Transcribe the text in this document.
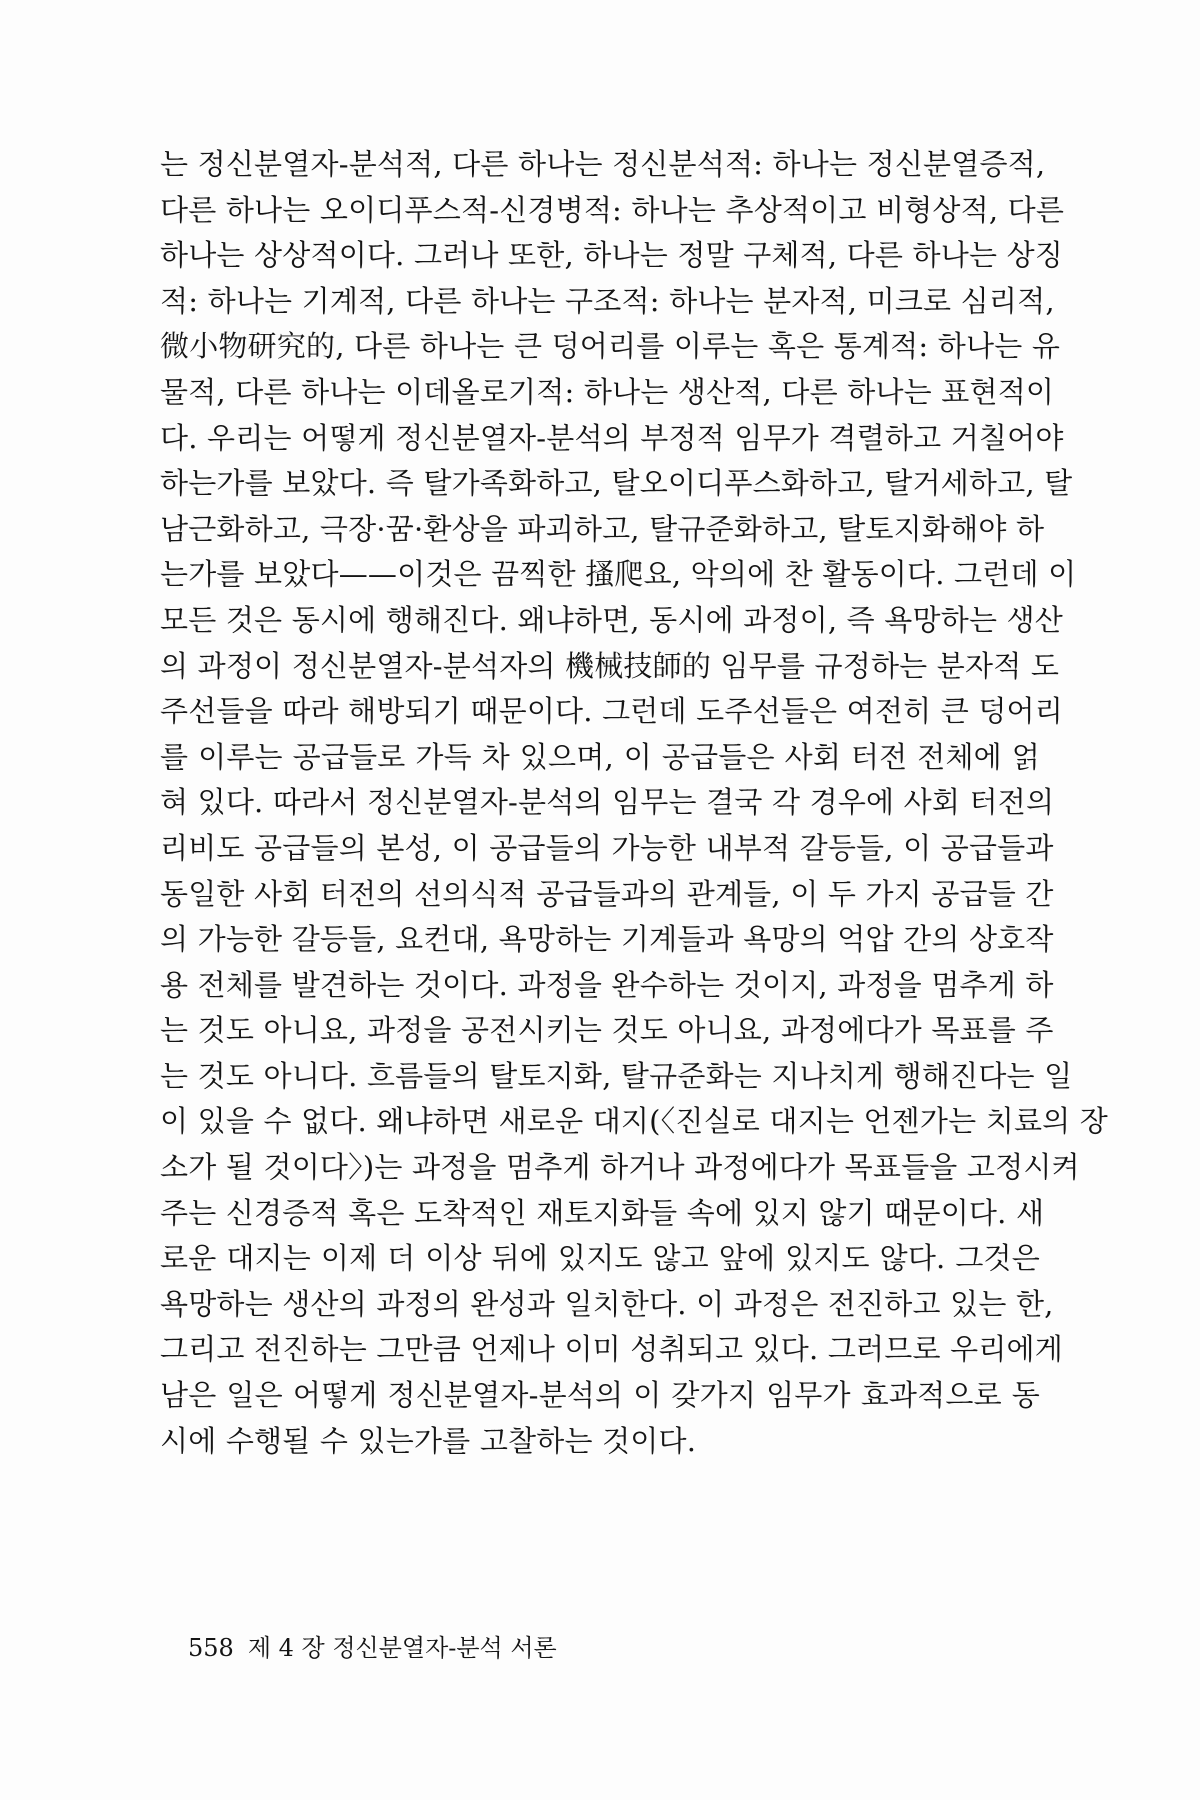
는 정신분열자-분석적, 다른 하나는 정신분석적: 하나는 정신분열증적,
다른 하나는 오이디푸스적-신경병적: 하나는 추상적이고 비형상적, 다른
하나는 상상적이다. 그러나 또한, 하나는 정말 구체적, 다른 하나는 상징
적: 하나는 기계적, 다른 하나는 구조적: 하나는 분자적, 미크로 심리적,
微小物研究的, 다른 하나는 큰 덩어리를 이루는 혹은 통계적: 하나는 유
물적, 다른 하나는 이데올로기적: 하나는 생산적, 다른 하나는 표현적이
다. 우리는 어떻게 정신분열자-분석의 부정적 임무가 격렬하고 거칠어야
하는가를 보았다. 즉 탈가족화하고, 탈오이디푸스화하고, 탈거세하고, 탈
남근화하고, 극장·꿈·환상을 파괴하고, 탈규준화하고, 탈토지화해야 하
는가를 보았다——이것은 끔찍한 搔爬요, 악의에 찬 활동이다. 그런데 이
모든 것은 동시에 행해진다. 왜냐하면, 동시에 과정이, 즉 욕망하는 생산
의 과정이 정신분열자-분석자의 機械技師的 임무를 규정하는 분자적 도
주선들을 따라 해방되기 때문이다. 그런데 도주선들은 여전히 큰 덩어리
를 이루는 공급들로 가득 차 있으며, 이 공급들은 사회 터전 전체에 얽
혀 있다. 따라서 정신분열자-분석의 임무는 결국 각 경우에 사회 터전의
리비도 공급들의 본성, 이 공급들의 가능한 내부적 갈등들, 이 공급들과
동일한 사회 터전의 선의식적 공급들과의 관계들, 이 두 가지 공급들 간
의 가능한 갈등들, 요컨대, 욕망하는 기계들과 욕망의 억압 간의 상호작
용 전체를 발견하는 것이다. 과정을 완수하는 것이지, 과정을 멈추게 하
는 것도 아니요, 과정을 공전시키는 것도 아니요, 과정에다가 목표를 주
는 것도 아니다. 흐름들의 탈토지화, 탈규준화는 지나치게 행해진다는 일
이 있을 수 없다. 왜냐하면 새로운 대지(〈진실로 대지는 언젠가는 치료의 장
소가 될 것이다〉)는 과정을 멈추게 하거나 과정에다가 목표들을 고정시켜
주는 신경증적 혹은 도착적인 재토지화들 속에 있지 않기 때문이다. 새
로운 대지는 이제 더 이상 뒤에 있지도 않고 앞에 있지도 않다. 그것은
욕망하는 생산의 과정의 완성과 일치한다. 이 과정은 전진하고 있는 한,
그리고 전진하는 그만큼 언제나 이미 성취되고 있다. 그러므로 우리에게
남은 일은 어떻게 정신분열자-분석의 이 갖가지 임무가 효과적으로 동
시에 수행될 수 있는가를 고찰하는 것이다.
558 제 4 장 정신분열자-분석 서론
